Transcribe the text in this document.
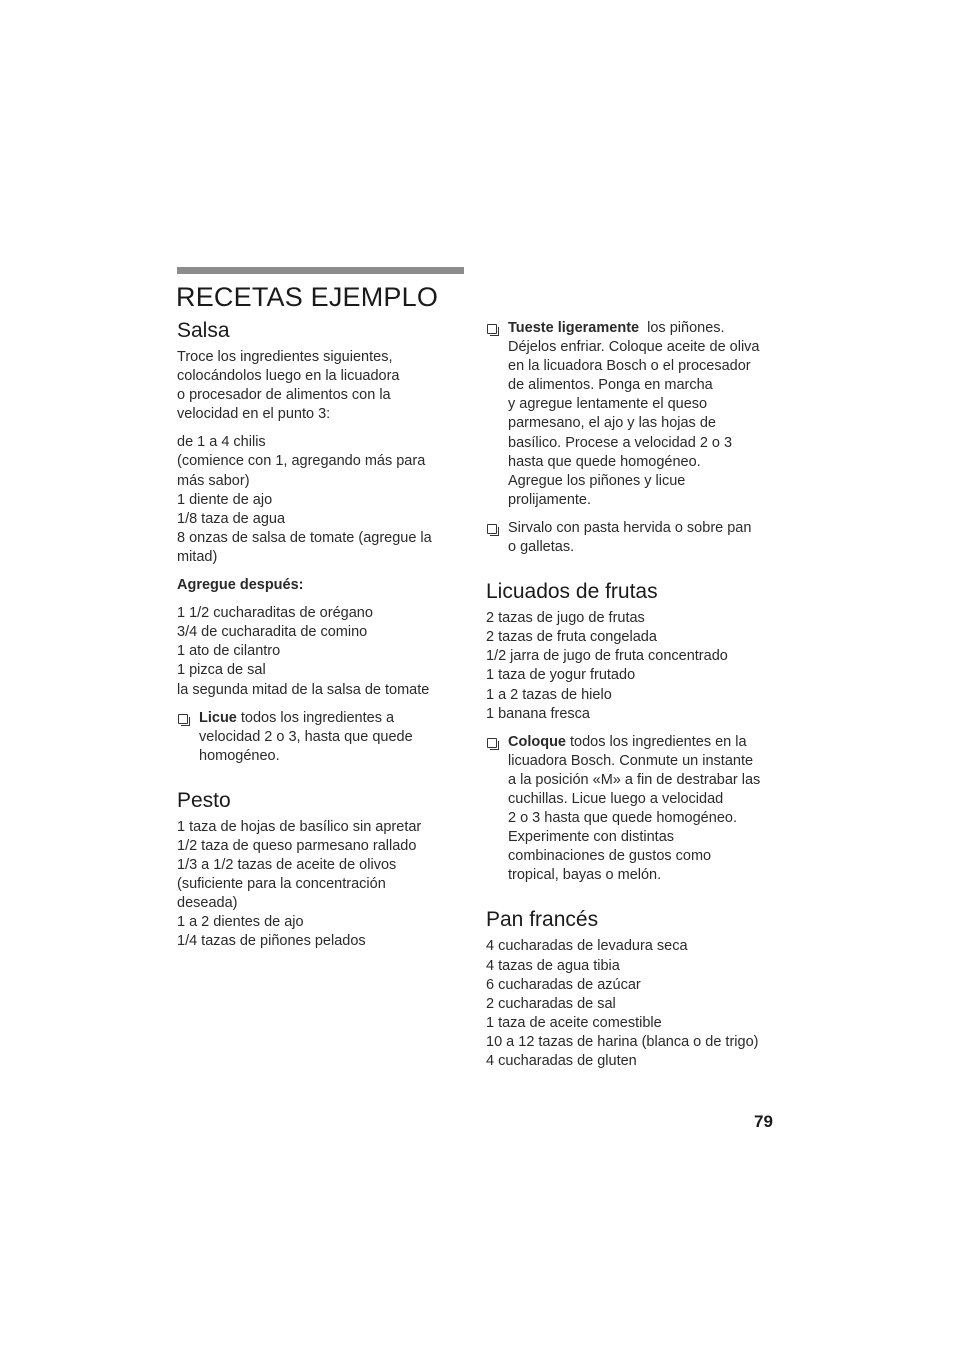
RECETAS EJEMPLO
Salsa
Troce los ingredientes siguientes,
colocándolos luego en la licuadora
o procesador de alimentos con la
velocidad en el punto 3:
de 1 a 4 chilis
(comience con 1, agregando más para
más sabor)
1 diente de ajo
1/8 taza de agua
8 onzas de salsa de tomate (agregue la
mitad)
Agregue después:
1 1/2 cucharaditas de orégano
3/4 de cucharadita de comino
1 ato de cilantro
1 pizca de sal
la segunda mitad de la salsa de tomate
Licue todos los ingredientes a
velocidad 2 o 3, hasta que quede
homogéneo.
Pesto
1 taza de hojas de basílico sin apretar
1/2 taza de queso parmesano rallado
1/3 a 1/2 tazas de aceite de olivos
(suficiente para la concentración
deseada)
1 a 2 dientes de ajo
1/4 tazas de piñones pelados
Tueste ligeramente  los piñones.
Déjelos enfriar. Coloque aceite de oliva
en la licuadora Bosch o el procesador
de alimentos. Ponga en marcha
y agregue lentamente el queso
parmesano, el ajo y las hojas de
basílico. Procese a velocidad 2 o 3
hasta que quede homogéneo.
Agregue los piñones y licue
prolijamente.
Sirvalo con pasta hervida o sobre pan
o galletas.
Licuados de frutas
2 tazas de jugo de frutas
2 tazas de fruta congelada
1/2 jarra de jugo de fruta concentrado
1 taza de yogur frutado
1 a 2 tazas de hielo
1 banana fresca
Coloque todos los ingredientes en la
licuadora Bosch. Conmute un instante
a la posición «M» a fin de destrabar las
cuchillas. Licue luego a velocidad
2 o 3 hasta que quede homogéneo.
Experimente con distintas
combinaciones de gustos como
tropical, bayas o melón.
Pan francés
4 cucharadas de levadura seca
4 tazas de agua tibia
6 cucharadas de azúcar
2 cucharadas de sal
1 taza de aceite comestible
10 a 12 tazas de harina (blanca o de trigo)
4 cucharadas de gluten
79
